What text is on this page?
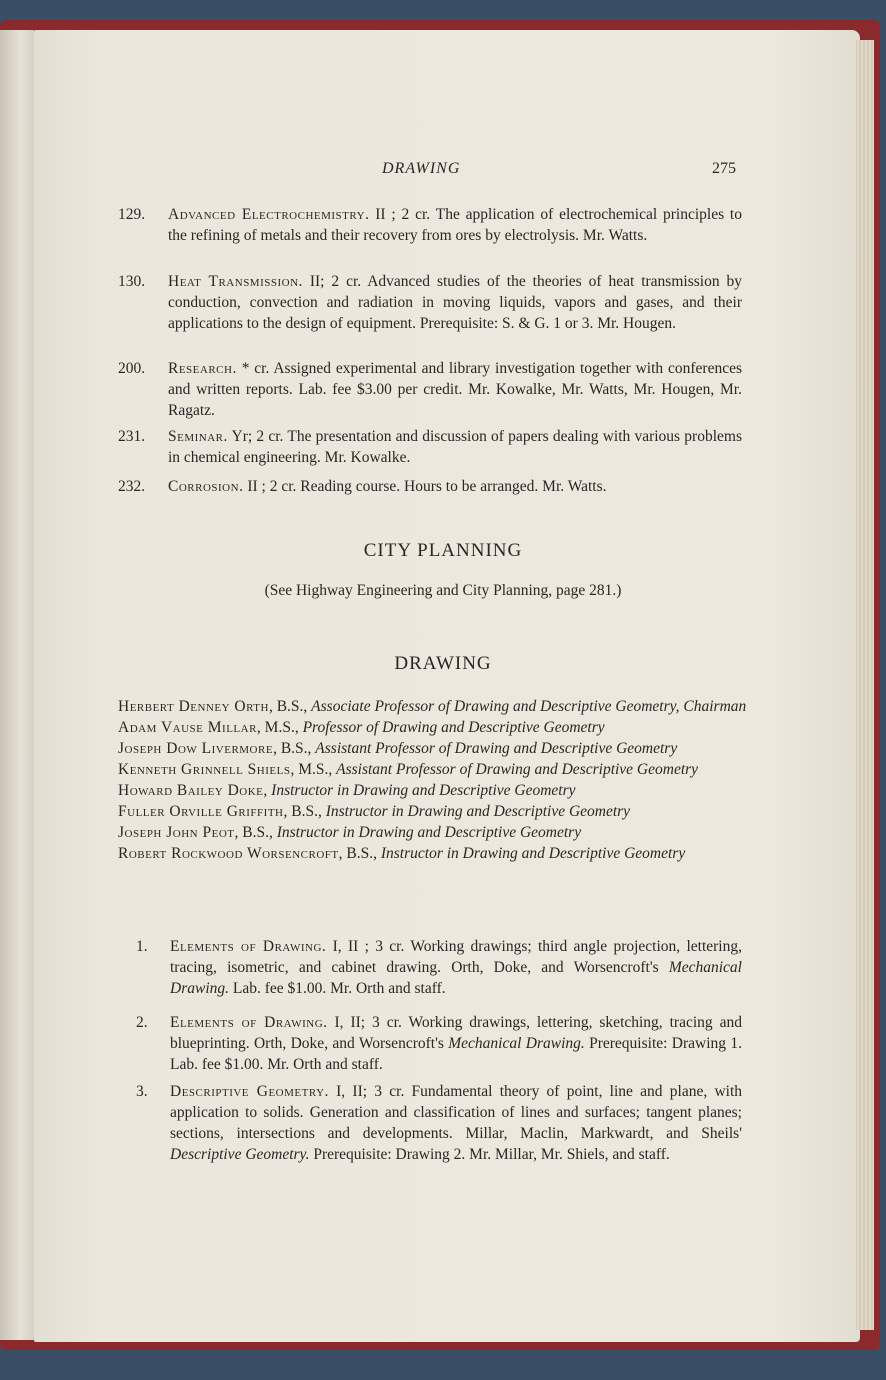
DRAWING	275
129. Advanced Electrochemistry. II ; 2 cr. The application of electrochemical principles to the refining of metals and their recovery from ores by electrolysis. Mr. Watts.
130. Heat Transmission. II; 2 cr. Advanced studies of the theories of heat transmission by conduction, convection and radiation in moving liquids, vapors and gases, and their applications to the design of equipment. Prerequisite: S. & G. 1 or 3. Mr. Hougen.
200. Research. * cr. Assigned experimental and library investigation together with conferences and written reports. Lab. fee $3.00 per credit. Mr. Kowalke, Mr. Watts, Mr. Hougen, Mr. Ragatz.
231. Seminar. Yr; 2 cr. The presentation and discussion of papers dealing with various problems in chemical engineering. Mr. Kowalke.
232. Corrosion. II ; 2 cr. Reading course. Hours to be arranged. Mr. Watts.
CITY PLANNING
(See Highway Engineering and City Planning, page 281.)
DRAWING
Herbert Denney Orth, B.S., Associate Professor of Drawing and Descriptive Geometry, Chairman
Adam Vause Millar, M.S., Professor of Drawing and Descriptive Geometry
Joseph Dow Livermore, B.S., Assistant Professor of Drawing and Descriptive Geometry
Kenneth Grinnell Shiels, M.S., Assistant Professor of Drawing and Descriptive Geometry
Howard Bailey Doke, Instructor in Drawing and Descriptive Geometry
Fuller Orville Griffith, B.S., Instructor in Drawing and Descriptive Geometry
Joseph John Peot, B.S., Instructor in Drawing and Descriptive Geometry
Robert Rockwood Worsencroft, B.S., Instructor in Drawing and Descriptive Geometry
1. Elements of Drawing. I, II ; 3 cr. Working drawings; third angle projection, lettering, tracing, isometric, and cabinet drawing. Orth, Doke, and Worsencroft's Mechanical Drawing. Lab. fee $1.00. Mr. Orth and staff.
2. Elements of Drawing. I, II; 3 cr. Working drawings, lettering, sketching, tracing and blueprinting. Orth, Doke, and Worsencroft's Mechanical Drawing. Prerequisite: Drawing 1. Lab. fee $1.00. Mr. Orth and staff.
3. Descriptive Geometry. I, II; 3 cr. Fundamental theory of point, line and plane, with application to solids. Generation and classification of lines and surfaces; tangent planes; sections, intersections and developments. Millar, Maclin, Markwardt, and Sheils' Descriptive Geometry. Prerequisite: Drawing 2. Mr. Millar, Mr. Shiels, and staff.
